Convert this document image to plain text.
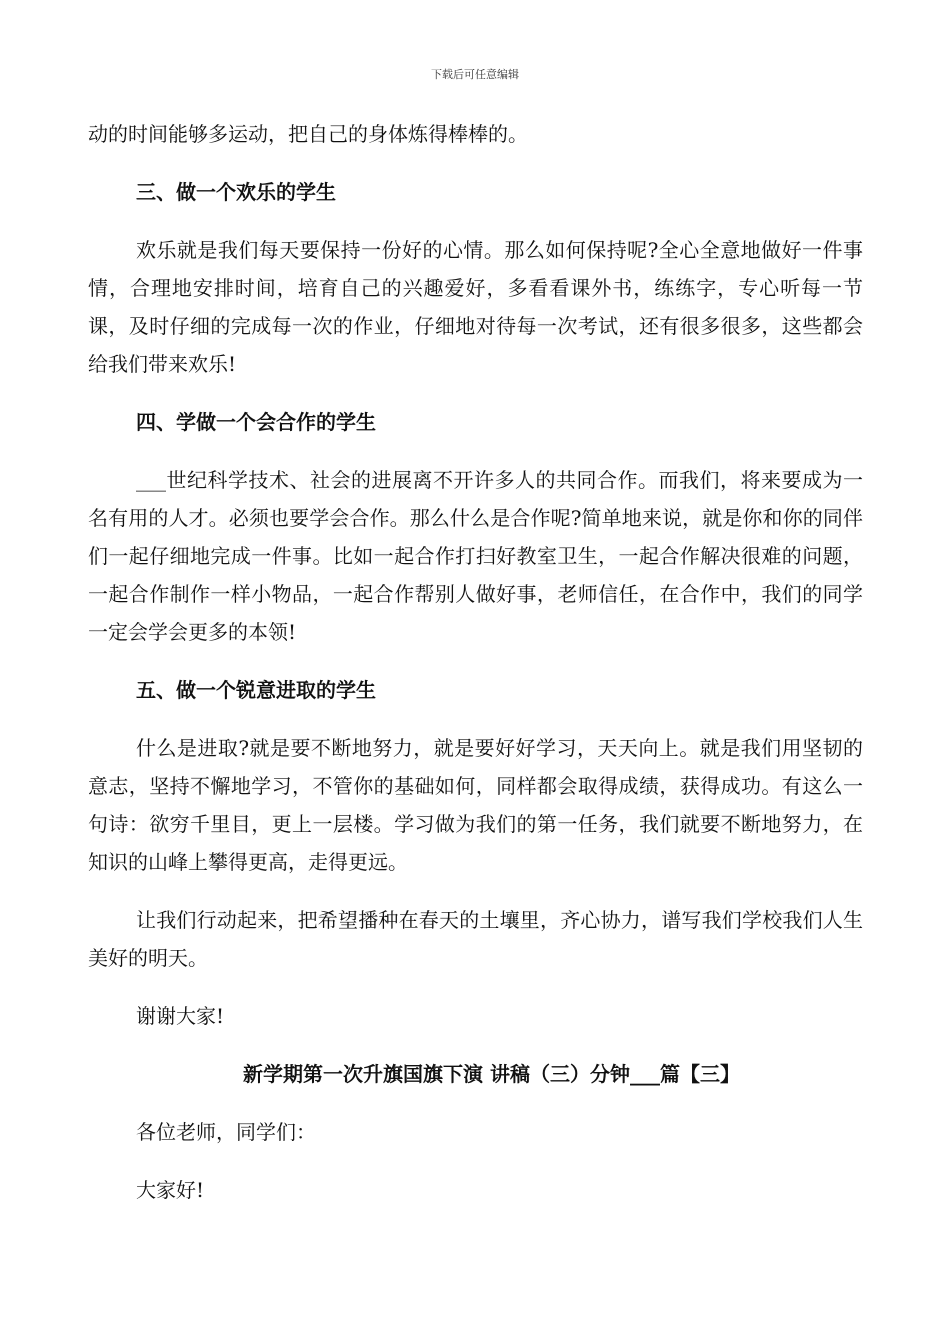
下载后可任意编辑

动的时间能够多运动，把自己的身体炼得棒棒的。

三、做一个欢乐的学生

欢乐就是我们每天要保持一份好的心情。那么如何保持呢?全心全意地做好一件事情，合理地安排时间，培育自己的兴趣爱好，多看看课外书，练练字，专心听每一节课，及时仔细的完成每一次的作业，仔细地对待每一次考试，还有很多很多，这些都会给我们带来欢乐!

四、学做一个会合作的学生

___世纪科学技术、社会的进展离不开许多人的共同合作。而我们，将来要成为一名有用的人才。必须也要学会合作。那么什么是合作呢?简单地来说，就是你和你的同伴们一起仔细地完成一件事。比如一起合作打扫好教室卫生，一起合作解决很难的问题，一起合作制作一样小物品，一起合作帮别人做好事，老师信任，在合作中，我们的同学一定会学会更多的本领!

五、做一个锐意进取的学生

什么是进取?就是要不断地努力，就是要好好学习，天天向上。就是我们用坚韧的意志，坚持不懈地学习，不管你的基础如何，同样都会取得成绩，获得成功。有这么一句诗：欲穷千里目，更上一层楼。学习做为我们的第一任务，我们就要不断地努力，在知识的山峰上攀得更高，走得更远。

让我们行动起来，把希望播种在春天的土壤里，齐心协力，谱写我们学校我们人生美好的明天。

谢谢大家!

新学期第一次升旗国旗下演 讲稿（三）分钟___篇【三】

各位老师，同学们：

大家好!
